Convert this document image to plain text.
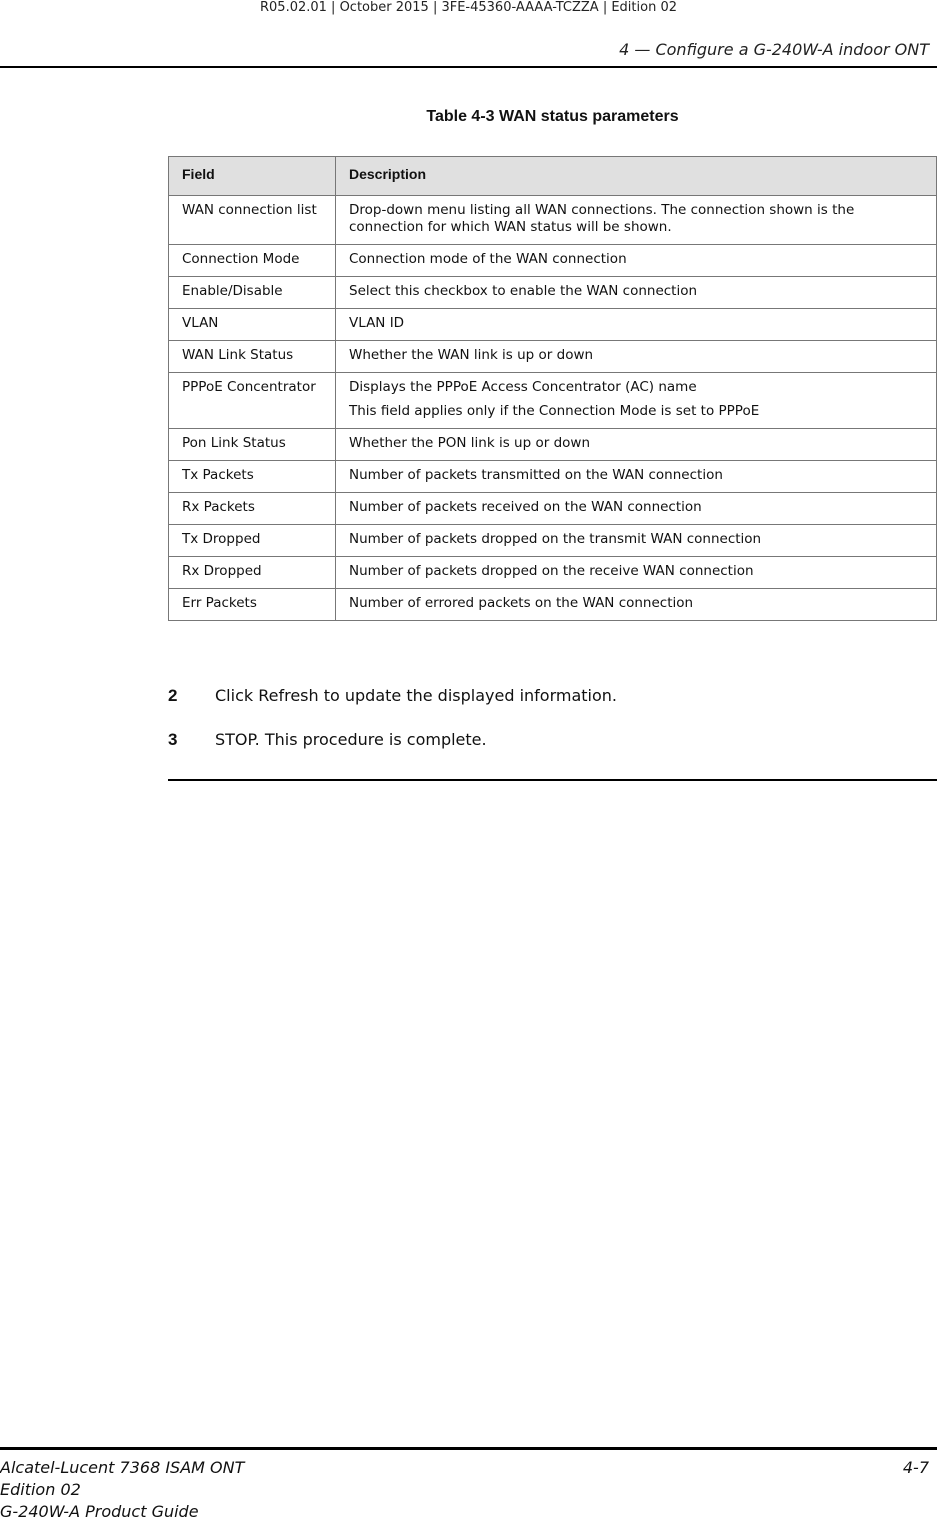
R05.02.01 | October 2015 | 3FE-45360-AAAA-TCZZA | Edition 02
4 — Configure a G-240W-A indoor ONT
Table 4-3 WAN status parameters
Field	Description
WAN connection list	Drop-down menu listing all WAN connections. The connection shown is the connection for which WAN status will be shown.

Connection Mode	Connection mode of the WAN connection

Enable/Disable	Select this checkbox to enable the WAN connection

VLAN	VLAN ID

WAN Link Status	Whether the WAN link is up or down

PPPoE Concentrator	Displays the PPPoE Access Concentrator (AC) name

This field applies only if the Connection Mode is set to PPPoE

Pon Link Status	Whether the PON link is up or down

Tx Packets	Number of packets transmitted on the WAN connection

Rx Packets	Number of packets received on the WAN connection

Tx Dropped	Number of packets dropped on the transmit WAN connection

Rx Dropped	Number of packets dropped on the receive WAN connection

Err Packets	Number of errored packets on the WAN connection

2 Click Refresh to update the displayed information.
3 STOP. This procedure is complete.
Alcatel-Lucent 7368 ISAM ONT
Edition 02
G-240W-A Product Guide
4-7
